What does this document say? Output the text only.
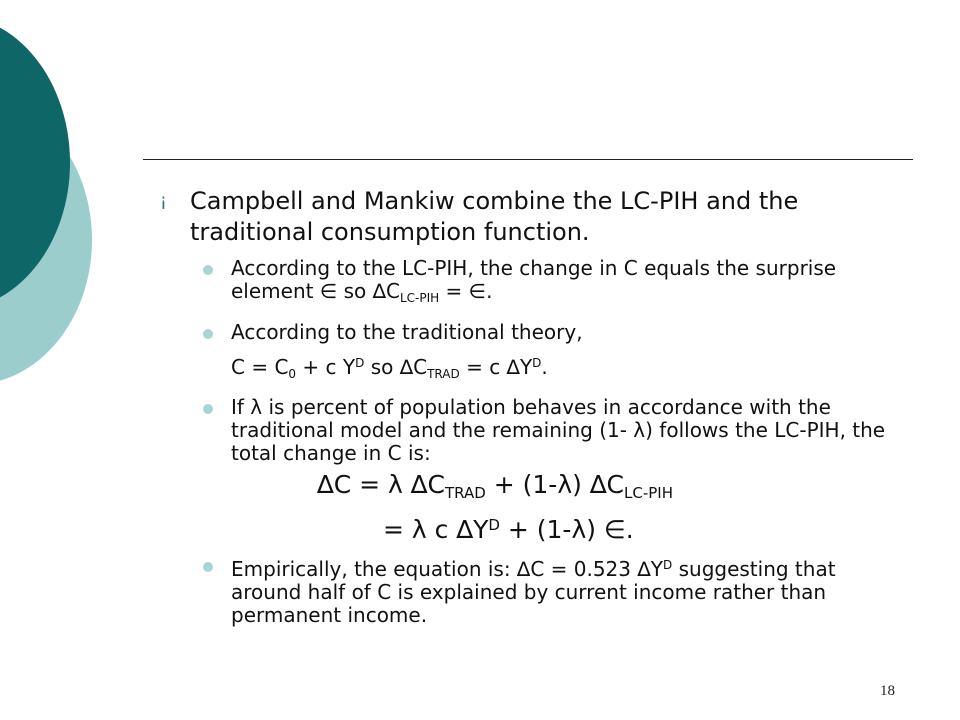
¡ Campbell and Mankiw combine the LC-PIH and the traditional consumption function.
According to the LC-PIH, the change in C equals the surprise element ∈ so $\Delta C_{LC-PIH}$ = ∈.
According to the traditional theory,
$C = C_0 + c$ $Y^D$ so $\Delta C_{TRAD} = c$ $\Delta Y^D$.
If λ is percent of population behaves in accordance with the traditional model and the remaining (1- λ) follows the LC-PIH, the total change in C is:
∆C = λ $\Delta C_{TRAD} + (1-\lambda)$ $\Delta C_{LC-PIH}$
= λ c $\Delta Y^D + (1-\lambda)$ ∈.
Empirically, the equation is: ∆C = 0.523 $\Delta Y^D$ suggesting that around half of C is explained by current income rather than permanent income.
18
